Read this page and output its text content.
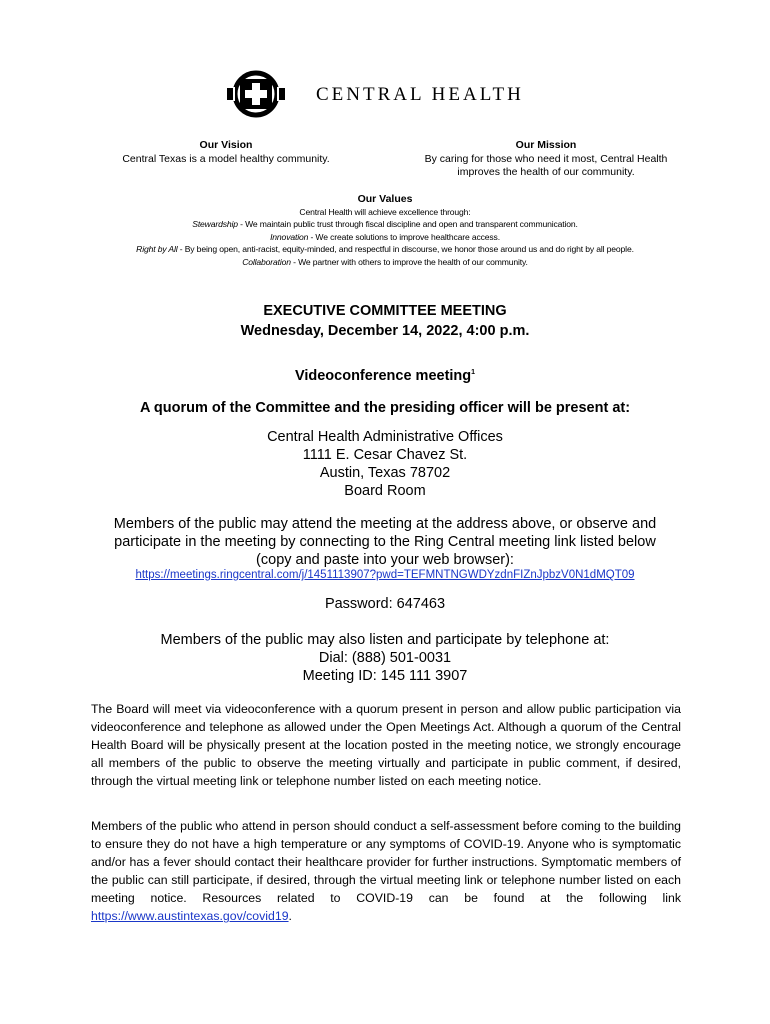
CENTRAL HEALTH
Our Vision
Central Texas is a model healthy community.
Our Mission
By caring for those who need it most, Central Health
improves the health of our community.
Our Values
Central Health will achieve excellence through:
Stewardship - We maintain public trust through fiscal discipline and open and transparent communication.
Innovation - We create solutions to improve healthcare access.
Right by All - By being open, anti-racist, equity-minded, and respectful in discourse, we honor those around us and do right by all people.
Collaboration - We partner with others to improve the health of our community.
EXECUTIVE COMMITTEE MEETING
Wednesday, December 14, 2022, 4:00 p.m.
Videoconference meeting$^1$
A quorum of the Committee and the presiding officer will be present at:
Central Health Administrative Offices
1111 E. Cesar Chavez St.
Austin, Texas 78702
Board Room
Members of the public may attend the meeting at the address above, or observe and
participate in the meeting by connecting to the Ring Central meeting link listed below
(copy and paste into your web browser):
https://meetings.ringcentral.com/j/1451113907?pwd=TEFMNTNGWDYzdnFIZnJpbzV0N1dMQT09
Password: 647463
Members of the public may also listen and participate by telephone at:
Dial: (888) 501-0031
Meeting ID: 145 111 3907
The Board will meet via videoconference with a quorum present in person and allow public participation via videoconference and telephone as allowed under the Open Meetings Act. Although a quorum of the Central Health Board will be physically present at the location posted in the meeting notice, we strongly encourage all members of the public to observe the meeting virtually and participate in public comment, if desired, through the virtual meeting link or telephone number listed on each meeting notice.
Members of the public who attend in person should conduct a self-assessment before coming to the building to ensure they do not have a high temperature or any symptoms of COVID-19. Anyone who is symptomatic and/or has a fever should contact their healthcare provider for further instructions. Symptomatic members of the public can still participate, if desired, through the virtual meeting link or telephone number listed on each meeting notice. Resources related to COVID-19 can be found at the following link https://www.austintexas.gov/covid19.
